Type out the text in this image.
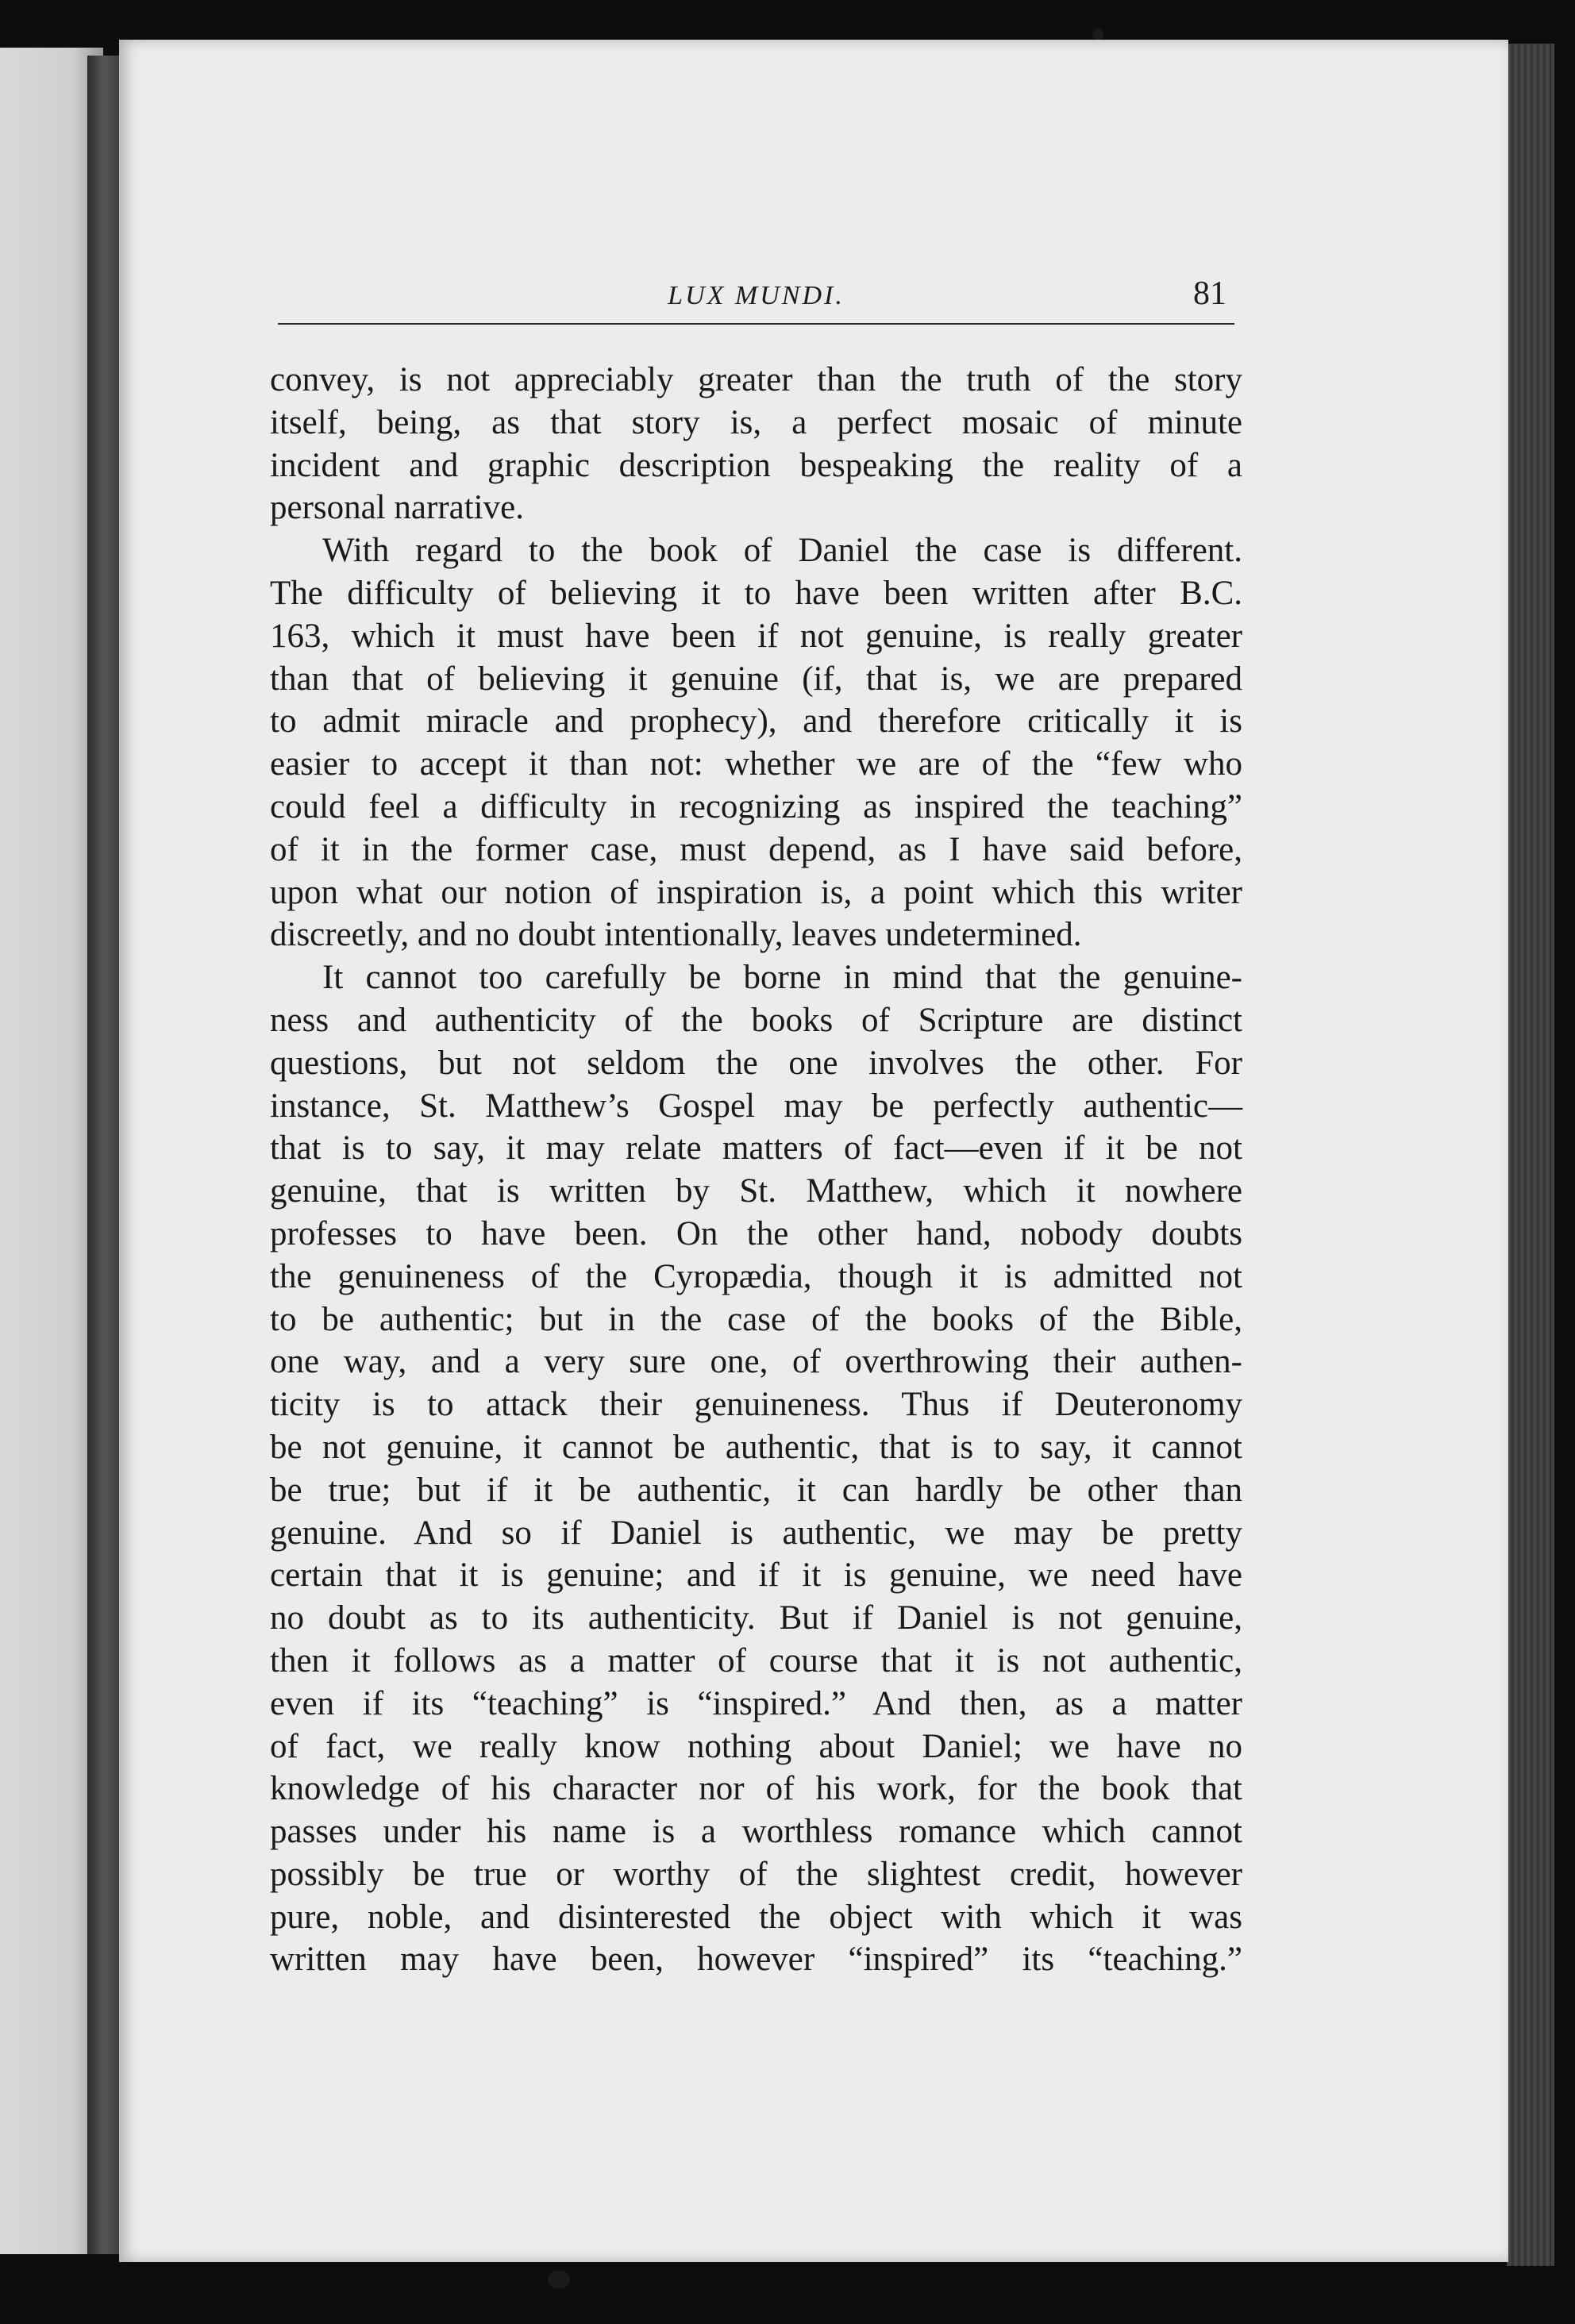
LUX MUNDI.	81
convey, is not appreciably greater than the truth of the story
itself, being, as that story is, a perfect mosaic of minute
incident and graphic description bespeaking the reality of a
personal narrative.
With regard to the book of Daniel the case is different.
The difficulty of believing it to have been written after B.C.
163, which it must have been if not genuine, is really greater
than that of believing it genuine (if, that is, we are prepared
to admit miracle and prophecy), and therefore critically it is
easier to accept it than not: whether we are of the “few who
could feel a difficulty in recognizing as inspired the teaching”
of it in the former case, must depend, as I have said before,
upon what our notion of inspiration is, a point which this writer
discreetly, and no doubt intentionally, leaves undetermined.
It cannot too carefully be borne in mind that the genuine-
ness and authenticity of the books of Scripture are distinct
questions, but not seldom the one involves the other. For
instance, St. Matthew’s Gospel may be perfectly authentic—
that is to say, it may relate matters of fact—even if it be not
genuine, that is written by St. Matthew, which it nowhere
professes to have been. On the other hand, nobody doubts
the genuineness of the Cyropædia, though it is admitted not
to be authentic; but in the case of the books of the Bible,
one way, and a very sure one, of overthrowing their authen-
ticity is to attack their genuineness. Thus if Deuteronomy
be not genuine, it cannot be authentic, that is to say, it cannot
be true; but if it be authentic, it can hardly be other than
genuine. And so if Daniel is authentic, we may be pretty
certain that it is genuine; and if it is genuine, we need have
no doubt as to its authenticity. But if Daniel is not genuine,
then it follows as a matter of course that it is not authentic,
even if its “teaching” is “inspired.” And then, as a matter
of fact, we really know nothing about Daniel; we have no
knowledge of his character nor of his work, for the book that
passes under his name is a worthless romance which cannot
possibly be true or worthy of the slightest credit, however
pure, noble, and disinterested the object with which it was
written may have been, however “inspired” its “teaching.”
